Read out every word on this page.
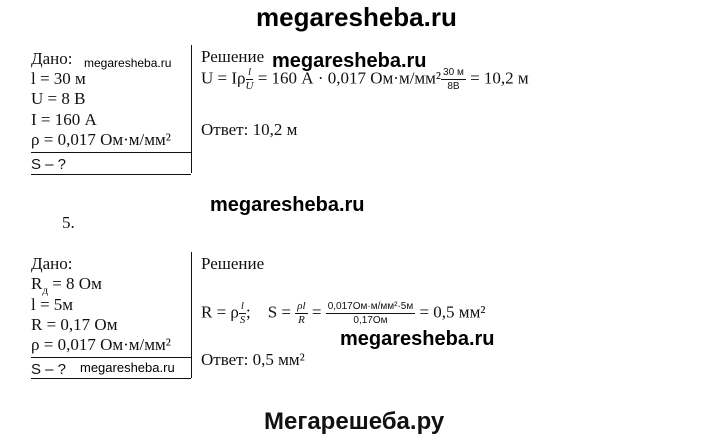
megaresheba.ru
Дано: megaresheba.ru
l = 30 м
U = 8 В
I = 160 А
ρ = 0,017 Ом·м/мм²
S – ?
Решение megaresheba.ru
U = Iρ $\frac{l}{U} = 160$ А · 0,017 $Ом\cdot м/мм^2 \frac{30 м}{8В} = 10,2$ м
Ответ: 10,2 м
megaresheba.ru
5.
Дано:
$R_д = 8$ Ом
l = 5м
R = 0,17 Ом
ρ = 0,017 Ом·м/мм²
S – ? megaresheba.ru
Решение
R = ρ $\frac{l}{S}$ ; $S = \frac{\rho l}{R} = \frac{\text{0,017Ом·м/мм²·5м}}{0,17Ом} = 0,5$ мм²
megaresheba.ru
Ответ: 0,5 мм²
Мегарешеба.ру
